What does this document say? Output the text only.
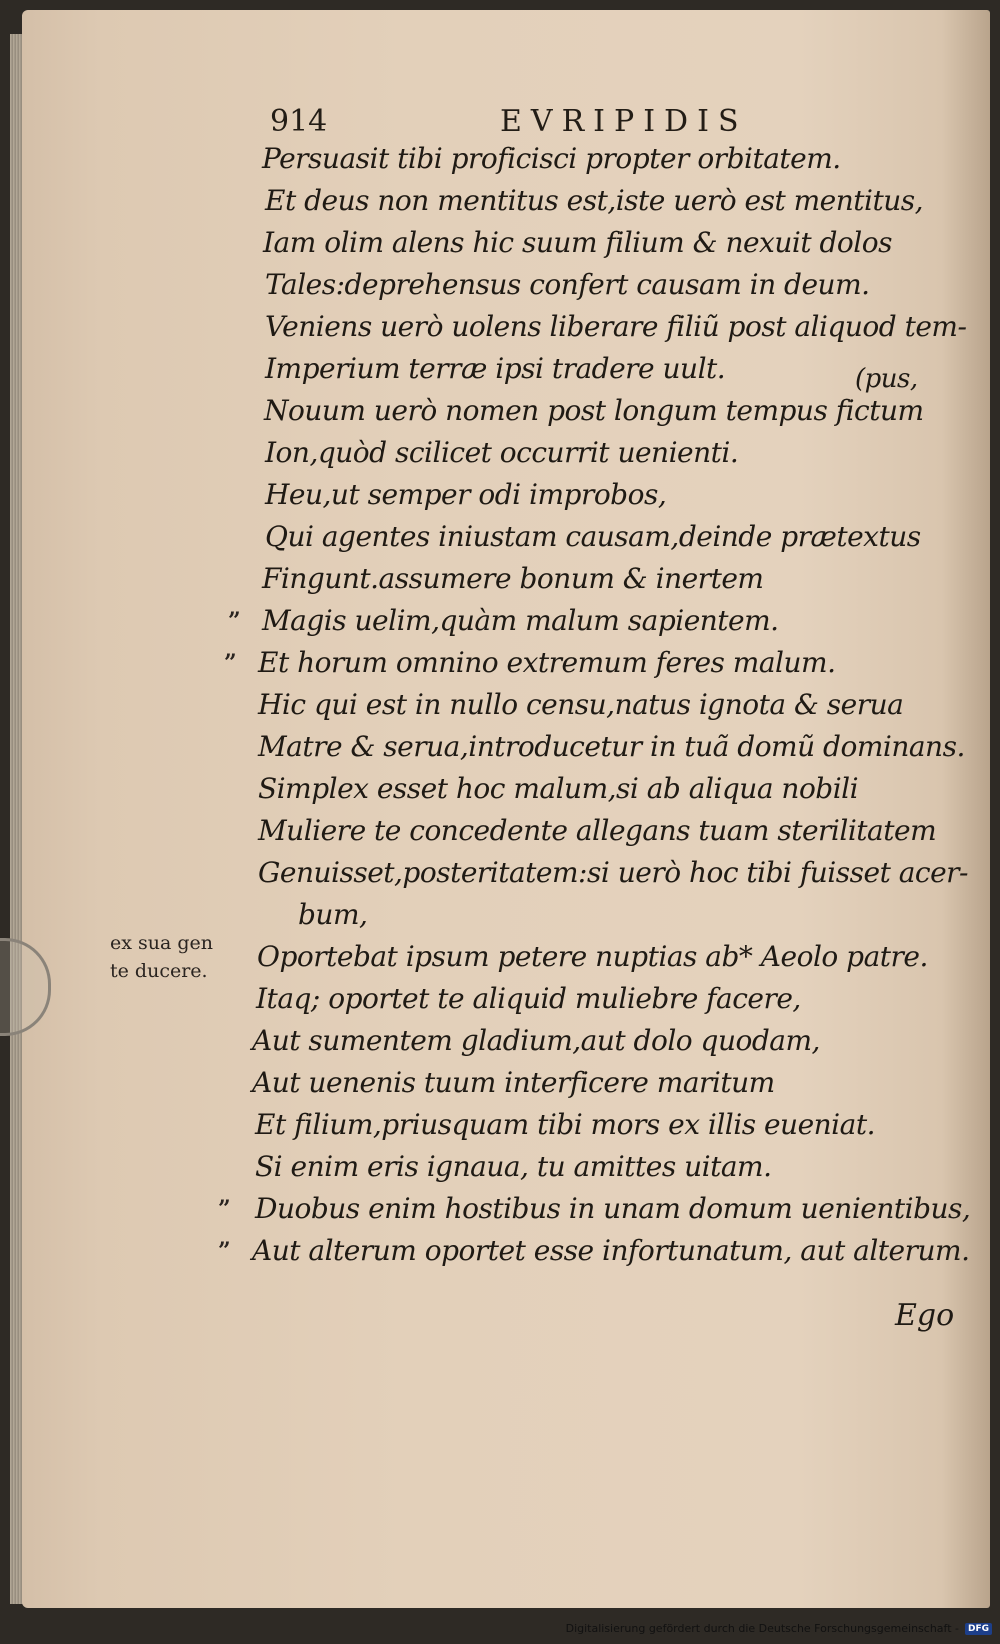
914	EVRIPIDIS
Persuasit tibi proficisci propter orbitatem.
Et deus non mentitus est,iste uerò est mentitus,
Iam olim alens hic suum filium & nexuit dolos
Tales:deprehensus confert causam in deum.
Veniens uerò uolens liberare filiũ post aliquod tem-
Imperium terræ ipsi tradere uult.
Nouum uerò nomen post longum tempus fictum
Ion,quòd scilicet occurrit uenienti.
Heu,ut semper odi improbos,
Qui agentes iniustam causam,deinde prætextus
Fingunt.assumere bonum & inertem
Magis uelim,quàm malum sapientem.
”
Et horum omnino extremum feres malum.
”
Hic qui est in nullo censu,natus ignota & serua
Matre & serua,introducetur in tuã domũ dominans.
Simplex esset hoc malum,si ab aliqua nobili
Muliere te concedente allegans tuam sterilitatem
Genuisset,posteritatem:si uerò hoc tibi fuisset acer-
bum,
Oportebat ipsum petere nuptias ab* Aeolo patre.
Itaq; oportet te aliquid muliebre facere,
Aut sumentem gladium,aut dolo quodam,
Aut uenenis tuum interficere maritum
Et filium,priusquam tibi mors ex illis eueniat.
Si enim eris ignaua, tu amittes uitam.
Duobus enim hostibus in unam domum uenientibus,
”
Aut alterum oportet esse infortunatum, aut alterum.
”
(pus,
ex sua gen
te ducere.
Ego
Digitalisierung gefördert durch die Deutsche Forschungsgemeinschaft -	DFG
